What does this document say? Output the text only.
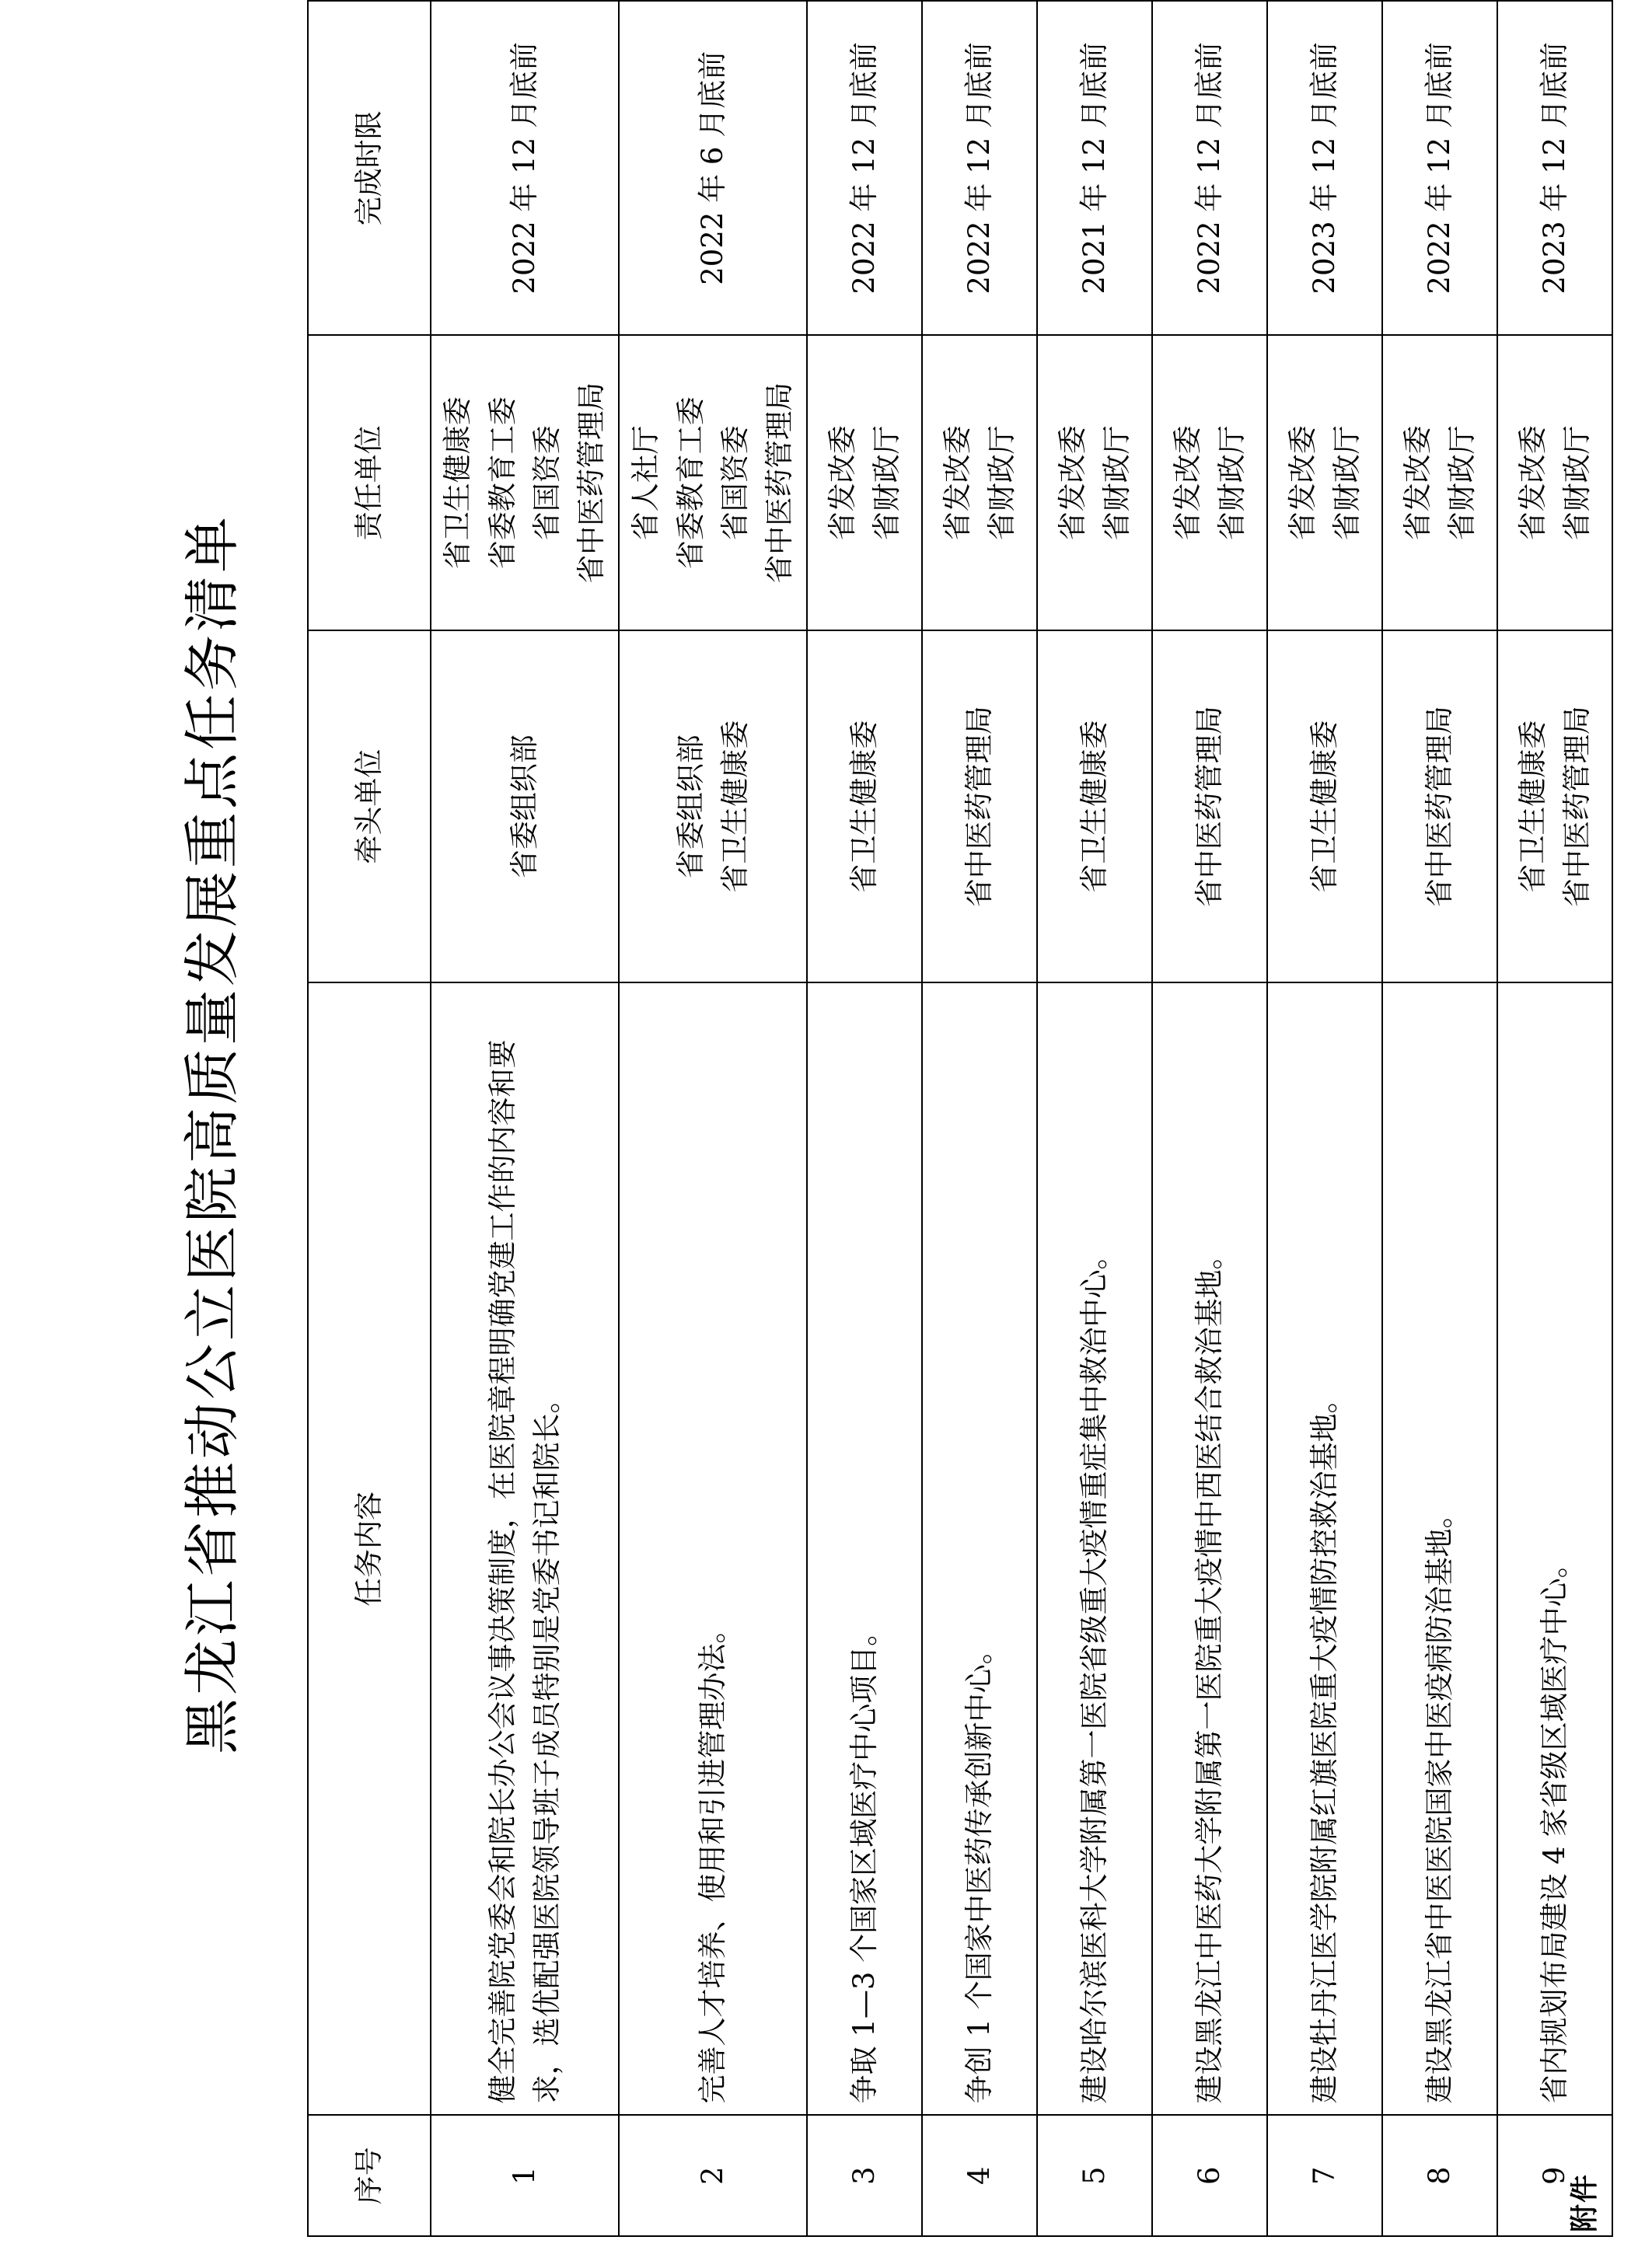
附件
黑龙江省推动公立医院高质量发展重点任务清单
序号	任务内容	牵头单位	责任单位	完成时限
1	健全完善院党委会和院长办公会议事决策制度，在医院章程明确党建工作的内容和要求，选优配强医院领导班子成员特别是党委书记和院长。	省委组织部	省卫生健康委 省委教育工委 省国资委 省中医药管理局	2022 年 12 月底前
2	完善人才培养、使用和引进管理办法。	省委组织部 省卫生健康委	省人社厅 省委教育工委 省国资委 省中医药管理局	2022 年 6 月底前
3	争取 1—3 个国家区域医疗中心项目。	省卫生健康委	省发改委 省财政厅	2022 年 12 月底前
4	争创 1 个国家中医药传承创新中心。	省中医药管理局	省发改委 省财政厅	2022 年 12 月底前
5	建设哈尔滨医科大学附属第一医院省级重大疫情重症集中救治中心。	省卫生健康委	省发改委 省财政厅	2021 年 12 月底前
6	建设黑龙江中医药大学附属第一医院重大疫情中西医结合救治基地。	省中医药管理局	省发改委 省财政厅	2022 年 12 月底前
7	建设牡丹江医学院附属红旗医院重大疫情防控救治基地。	省卫生健康委	省发改委 省财政厅	2023 年 12 月底前
8	建设黑龙江省中医医院国家中医疫病防治基地。	省中医药管理局	省发改委 省财政厅	2022 年 12 月底前
9	省内规划布局建设 4 家省级区域医疗中心。	省卫生健康委 省中医药管理局	省发改委 省财政厅	2023 年 12 月底前
